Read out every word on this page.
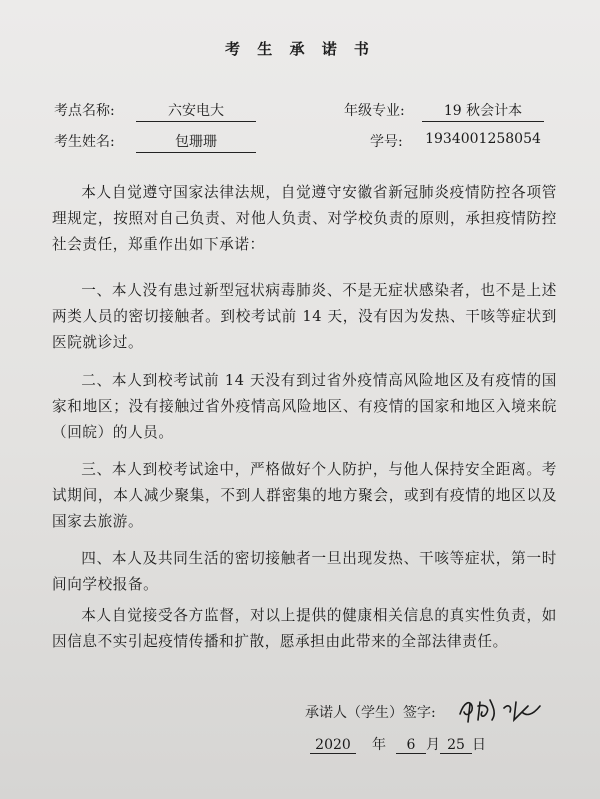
考 生 承 诺 书
考点名称:	六安电大	年级专业:	19 秋会计本
考生姓名:	包珊珊	学号: 1934001258054

本人自觉遵守国家法律法规，自觉遵守安徽省新冠肺炎疫情防控各项管理规定，按照对自己负责、对他人负责、对学校负责的原则，承担疫情防控社会责任，郑重作出如下承诺：

一、本人没有患过新型冠状病毒肺炎、不是无症状感染者，也不是上述两类人员的密切接触者。到校考试前 14 天，没有因为发热、干咳等症状到医院就诊过。

二、本人到校考试前 14 天没有到过省外疫情高风险地区及有疫情的国家和地区；没有接触过省外疫情高风险地区、有疫情的国家和地区入境来皖（回皖）的人员。

三、本人到校考试途中，严格做好个人防护，与他人保持安全距离。考试期间，本人减少聚集，不到人群密集的地方聚会，或到有疫情的地区以及国家去旅游。

四、本人及共同生活的密切接触者一旦出现发热、干咳等症状，第一时间向学校报备。

本人自觉接受各方监督，对以上提供的健康相关信息的真实性负责，如因信息不实引起疫情传播和扩散，愿承担由此带来的全部法律责任。

承诺人（学生）签字:
2020 年 6 月 25 日
